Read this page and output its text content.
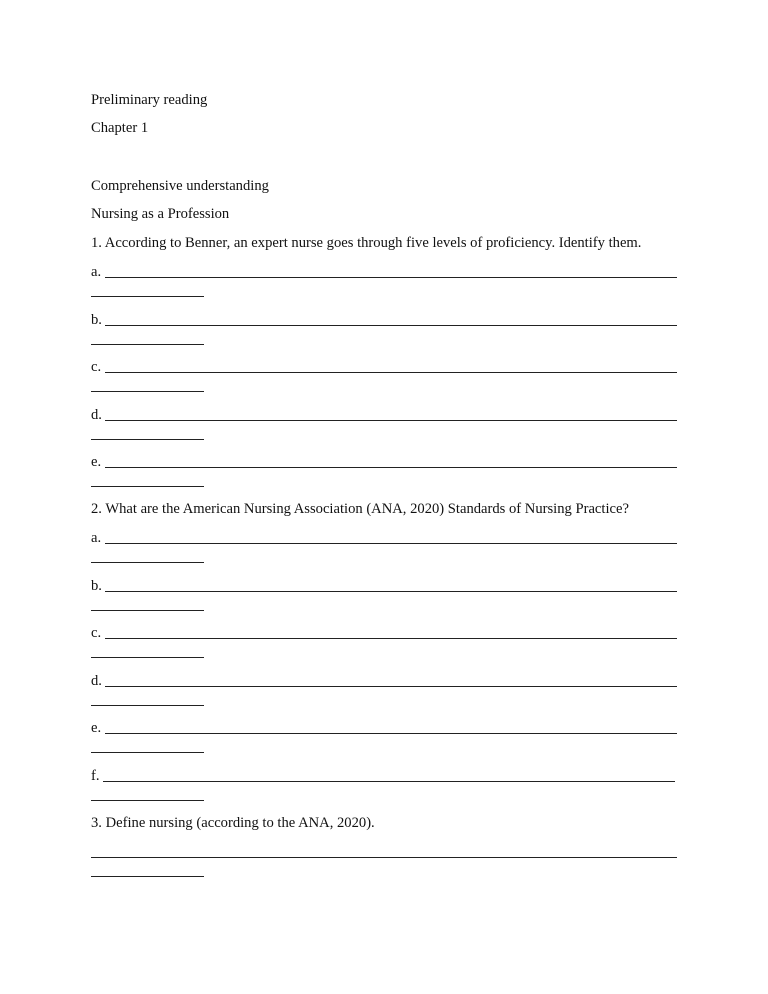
Preliminary reading
Chapter 1
Comprehensive understanding
Nursing as a Profession
1. According to Benner, an expert nurse goes through five levels of proficiency. Identify them.
a.
b.
c.
d.
e.
2. What are the American Nursing Association (ANA, 2020) Standards of Nursing Practice?
a.
b.
c.
d.
e.
f.
3. Define nursing (according to the ANA, 2020).
